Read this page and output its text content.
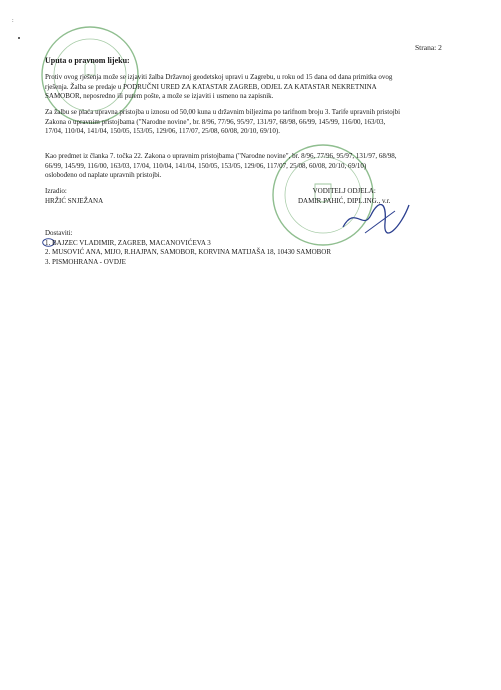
:
Strana: 2
Uputa o pravnom lijeku:
Protiv ovog rješenja može se izjaviti žalba Državnoj geodetskoj upravi u Zagrebu, u roku od 15 dana od dana primitka ovog
rješenja. Žalba se predaje u PODRUČNI URED ZA KATASTAR ZAGREB, ODJEL ZA KATASTAR NEKRETNINA
SAMOBOR, neposredno ili putem pošte, a može se izjaviti i usmeno na zapisnik.
Za žalbu se plaća upravna pristojba u iznosu od 50,00 kuna u državnim biljezima po tarifnom broju 3. Tarife upravnih pristojbi
Zakona o upravnim pristojbama ("Narodne novine", br. 8/96, 77/96, 95/97, 131/97, 68/98, 66/99, 145/99, 116/00, 163/03,
17/04, 110/04, 141/04, 150/05, 153/05, 129/06, 117/07, 25/08, 60/08, 20/10, 69/10).
Kao predmet iz članka 7. točka 22. Zakona o upravnim pristojbama ("Narodne novine", br. 8/96, 77/96, 95/97, 131/97, 68/98,
66/99, 145/99, 116/00, 163/03, 17/04, 110/04, 141/04, 150/05, 153/05, 129/06, 117/07, 25/08, 60/08, 20/10, 69/10)
oslobođeno od naplate upravnih pristojbi.
Izradio:
HRŽIĆ SNJEŽANA
VODITELJ ODJELA:
DAMIR PAHIĆ, DIPL.ING., v.r.
Dostaviti:
1. BAJZEC VLADIMIR, ZAGREB, MACANOVIĆEVA 3
2. MUSOVIĆ ANA, MIJO, R.HAJPAN, SAMOBOR, KORVINA MATIJAŠA 18, 10430 SAMOBOR
3. PISMOHRANA - OVDJE
